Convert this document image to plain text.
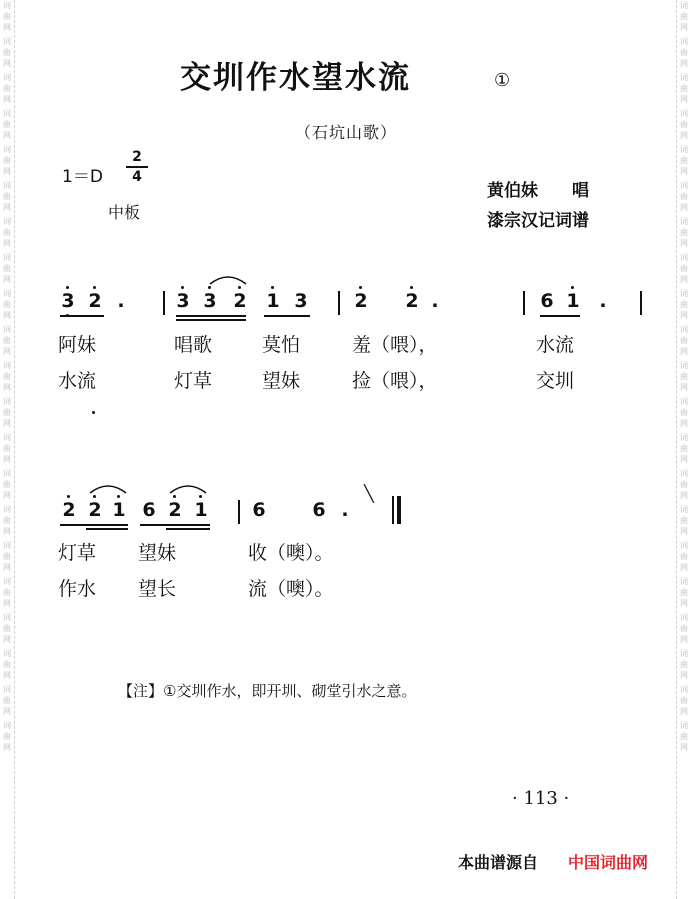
词曲网
词曲网
词曲网
词曲网
词曲网
词曲网
词曲网
词曲网
词曲网
词曲网
词曲网
词曲网
词曲网
词曲网
词曲网
词曲网
词曲网
词曲网
词曲网
词曲网
词曲网
词曲网
词曲网
词曲网
词曲网
词曲网
词曲网
词曲网
词曲网
词曲网
词曲网
词曲网
词曲网
词曲网
词曲网
词曲网
词曲网
词曲网
词曲网
词曲网
词曲网
词曲网
交圳作水望水流	①
（石坑山歌）
1＝D
2
4
中板
黄伯妹　　唱
漆宗汉记词谱
3 2 .	3 3 2 1 3 2 2 .	6 1 .
阿妹	唱歌	莫怕	羞（喂），	水流
水流	灯草	望妹	捡（喂），	交圳
2 2 1 6 2 1 6 6 .
╲
灯草 望妹	收（噢）。
作水 望长	流（噢）。
【注】①交圳作水，即开圳、砌堂引水之意。
· 113 ·
本曲谱源自 中国词曲网
